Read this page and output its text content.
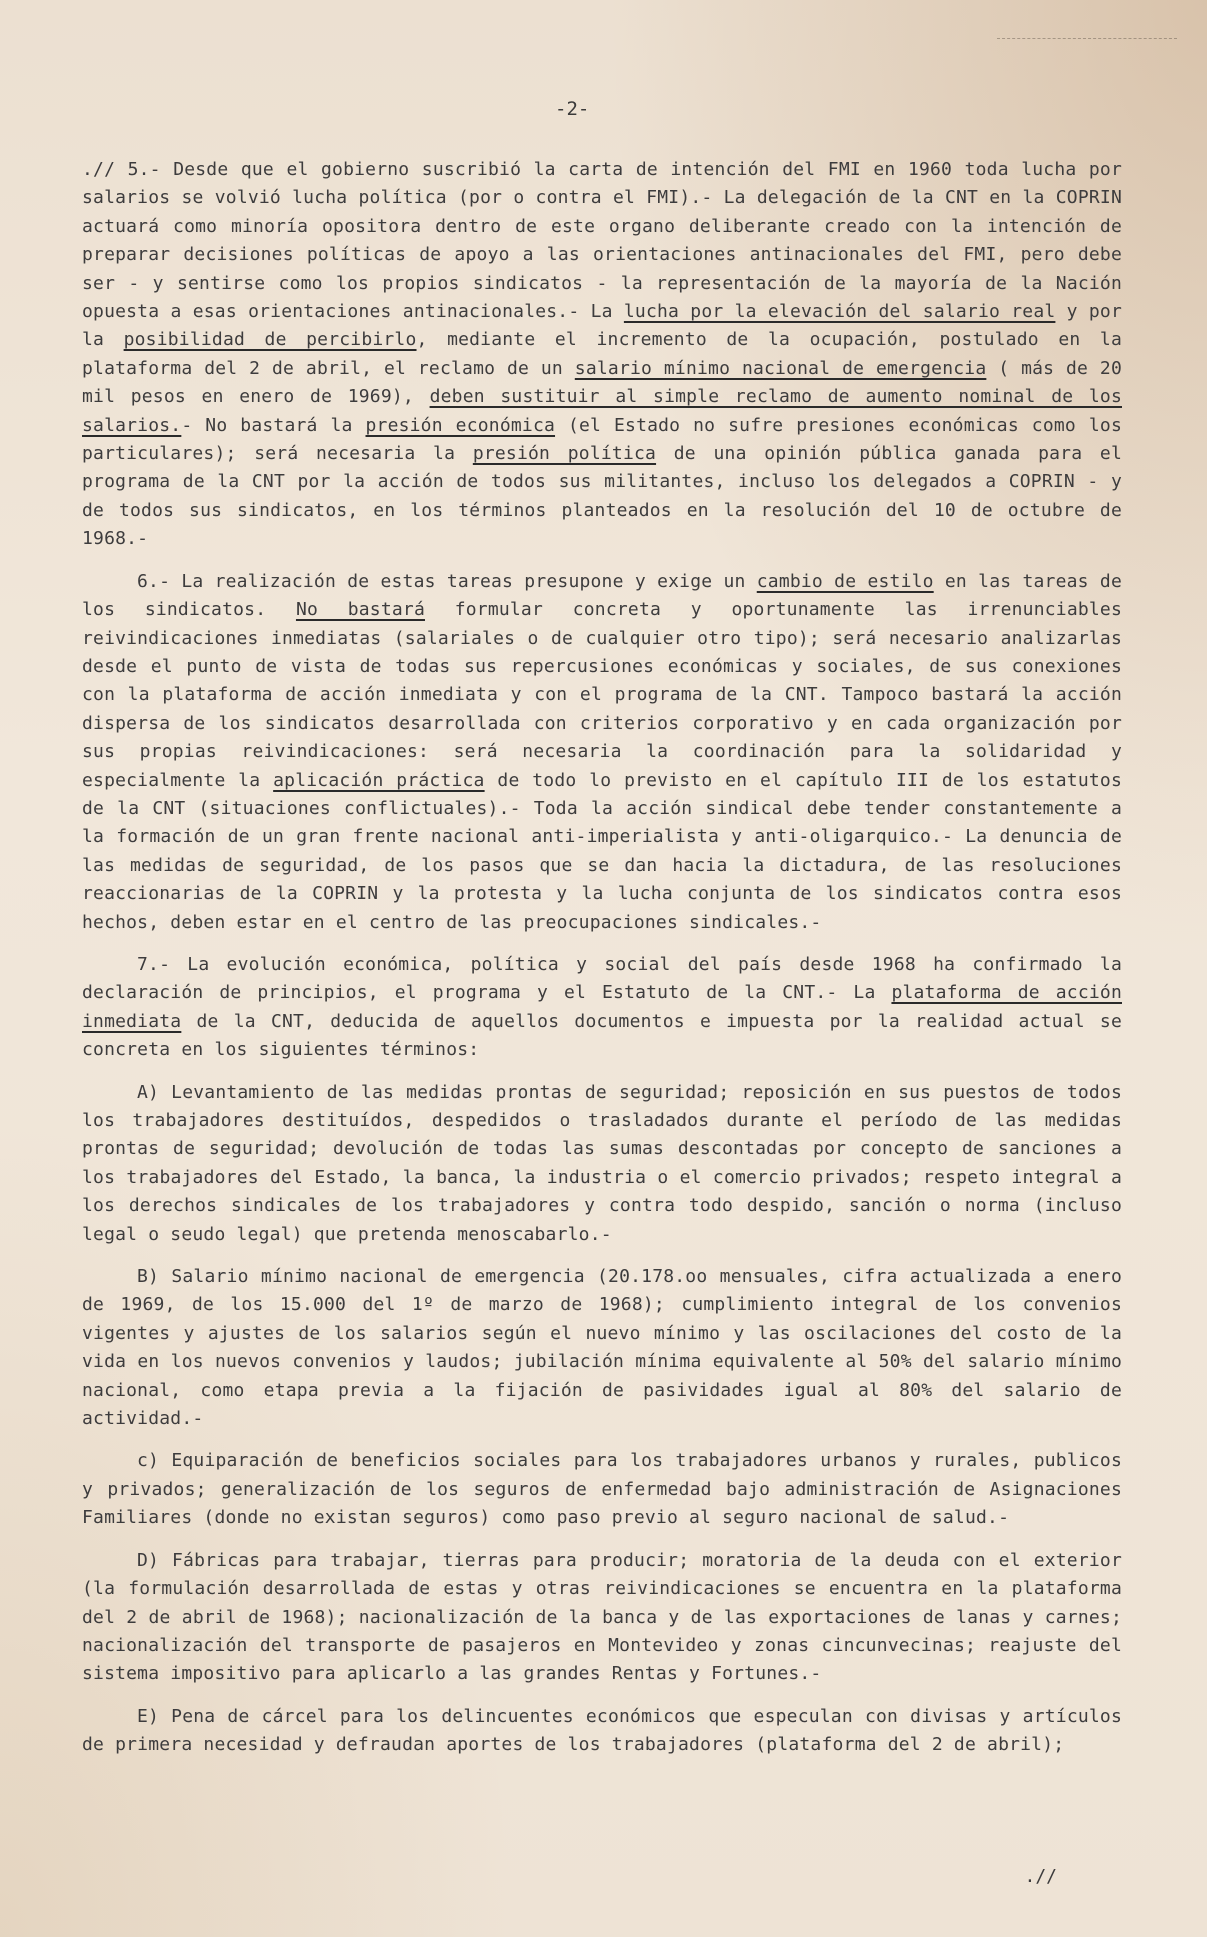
-2-

.// 5.- Desde que el gobierno suscribió la carta de intención del FMI en 1960 toda lucha por salarios se volvió lucha política (por o contra el FMI).- La delegación de la CNT en la COPRIN actuará como minoría opositora dentro de este organo deliberante creado con la intención de preparar decisiones políticas de apoyo a las orientaciones antinacionales del FMI, pero debe ser - y sentirse como los propios sindicatos - la representación de la mayoría de la Nación opuesta a esas orientaciones antinacionales.- La lucha por la elevación del salario real y por la posibilidad de percibirlo, mediante el incremento de la ocupación, postulado en la plataforma del 2 de abril, el reclamo de un salario mínimo nacional de emergencia ( más de 20 mil pesos en enero de 1969), deben sustituir al simple reclamo de aumento nominal de los salarios.- No bastará la presión económica (el Estado no sufre presiones económicas como los particulares); será necesaria la presión política de una opinión pública ganada para el programa de la CNT por la acción de todos sus militantes, incluso los delegados a COPRIN - y de todos sus sindicatos, en los términos planteados en la resolución del 10 de octubre de 1968.-

6.- La realización de estas tareas presupone y exige un cambio de estilo en las tareas de los sindicatos. No bastará formular concreta y oportunamente las irrenunciables reivindicaciones inmediatas (salariales o de cualquier otro tipo); será necesario analizarlas desde el punto de vista de todas sus repercusiones económicas y sociales, de sus conexiones con la plataforma de acción inmediata y con el programa de la CNT. Tampoco bastará la acción dispersa de los sindicatos desarrollada con criterios corporativo y en cada organización por sus propias reivindicaciones: será necesaria la coordinación para la solidaridad y especialmente la aplicación práctica de todo lo previsto en el capítulo III de los estatutos de la CNT (situaciones conflictuales).- Toda la acción sindical debe tender constantemente a la formación de un gran frente nacional anti-imperialista y anti-oligarquico.- La denuncia de las medidas de seguridad, de los pasos que se dan hacia la dictadura, de las resoluciones reaccionarias de la COPRIN y la protesta y la lucha conjunta de los sindicatos contra esos hechos, deben estar en el centro de las preocupaciones sindicales.-

7.- La evolución económica, política y social del país desde 1968 ha confirmado la declaración de principios, el programa y el Estatuto de la CNT.- La plataforma de acción inmediata de la CNT, deducida de aquellos documentos e impuesta por la realidad actual se concreta en los siguientes términos:

A) Levantamiento de las medidas prontas de seguridad; reposición en sus puestos de todos los trabajadores destituídos, despedidos o trasladados durante el período de las medidas prontas de seguridad; devolución de todas las sumas descontadas por concepto de sanciones a los trabajadores del Estado, la banca, la industria o el comercio privados; respeto integral a los derechos sindicales de los trabajadores y contra todo despido, sanción o norma (incluso legal o seudo legal) que pretenda menoscabarlo.-

B) Salario mínimo nacional de emergencia (20.178.oo mensuales, cifra actualizada a enero de 1969, de los 15.000 del 1º de marzo de 1968); cumplimiento integral de los convenios vigentes y ajustes de los salarios según el nuevo mínimo y las oscilaciones del costo de la vida en los nuevos convenios y laudos; jubilación mínima equivalente al 50% del salario mínimo nacional, como etapa previa a la fijación de pasividades igual al 80% del salario de actividad.-

c) Equiparación de beneficios sociales para los trabajadores urbanos y rurales, publicos y privados; generalización de los seguros de enfermedad bajo administración de Asignaciones Familiares (donde no existan seguros) como paso previo al seguro nacional de salud.-

D) Fábricas para trabajar, tierras para producir; moratoria de la deuda con el exterior (la formulación desarrollada de estas y otras reivindicaciones se encuentra en la plataforma del 2 de abril de 1968); nacionalización de la banca y de las exportaciones de lanas y carnes; nacionalización del transporte de pasajeros en Montevideo y zonas cincunvecinas; reajuste del sistema impositivo para aplicarlo a las grandes Rentas y Fortunes.-

E) Pena de cárcel para los delincuentes económicos que especulan con divisas y artículos de primera necesidad y defraudan aportes de los trabajadores (plataforma del 2 de abril);

.//
